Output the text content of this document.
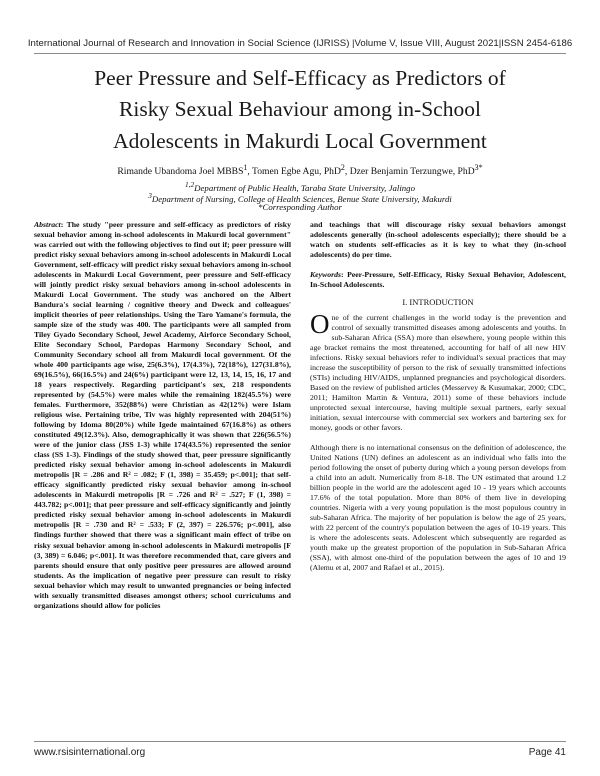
International Journal of Research and Innovation in Social Science (IJRISS) |Volume V, Issue VIII, August 2021|ISSN 2454-6186
Peer Pressure and Self-Efficacy as Predictors of
Risky Sexual Behaviour among in-School
Adolescents in Makurdi Local Government
Rimande Ubandoma Joel MBBS$^1$, Tomen Egbe Agu, PhD$^2$, Dzer Benjamin Terzungwe, PhD$^{3*}$
$^{1,2}$Department of Public Health, Taraba State University, Jalingo
$^3$Department of Nursing, College of Health Sciences, Benue State University, Makurdi
*Corresponding Author

Abstract: The study "peer pressure and self-efficacy as predictors of risky sexual behavior among in-school adolescents in Makurdi local government" was carried out with the following objectives to find out if; peer pressure will predict risky sexual behaviors among in-school adolescents in Makurdi Local Government, self-efficacy will predict risky sexual behaviors among in-school adolescents in Makurdi Local Government, peer pressure and Self-efficacy will jointly predict risky sexual behaviors among in-school adolescents in Makurdi Local Government. The study was anchored on the Albert Bandura's social learning / cognitive theory and Dweck and colleagues' implicit theories of peer relationships. Using the Taro Yamane's formula, the sample size of the study was 400. The participants were all sampled from Tiley Gyado Secondary School, Jewel Academy, Airforce Secondary School, Elite Secondary School, Pardopas Harmony Secondary School, and Community Secondary school all from Makurdi local government. Of the whole 400 participants age wise, 25(6.3%), 17(4.3%), 72(18%), 127(31.8%), 69(16.5%), 66(16.5%) and 24(6%) participant were 12, 13, 14, 15, 16, 17 and 18 years respectively. Regarding participant's sex, 218 respondents represented by (54.5%) were males while the remaining 182(45.5%) were females. Furthermore, 352(88%) were Christian as 42(12%) were Islam religious wise. Pertaining tribe, Tiv was highly represented with 204(51%) following by Idoma 80(20%) while Igede maintained 67(16.8%) as others constituted 49(12.3%). Also, demographically it was shown that 226(56.5%) were of the junior class (JSS 1-3) while 174(43.5%) represented the senior class (SS 1-3). Findings of the study showed that, peer pressure significantly predicted risky sexual behavior among in-school adolescents in Makurdi metropolis [R = .286 and R² = .082; F (1, 398) = 35.459; p<.001]; that self-efficacy significantly predicted risky sexual behavior among in-school adolescents in Makurdi metropolis [R = .726 and R² = .527; F (1, 398) = 443.782; p<.001]; that peer pressure and self-efficacy significantly and jointly predicted risky sexual behavior among in-school adolescents in Makurdi metropolis [R = .730 and R² = .533; F (2, 397) = 226.576; p<.001], also findings further showed that there was a significant main effect of tribe on risky sexual behavior among in-school adolescents in Makurdi metropolis [F (3, 389) = 6.046; p<.001]. It was therefore recommended that, care givers and parents should ensure that only positive peer pressures are allowed around students. As the implication of negative peer pressure can result to risky sexual behavior which may result to unwanted pregnancies or being infected with sexually transmitted diseases amongst others; school curriculums and organizations should allow for policies

and teachings that will discourage risky sexual behaviors amongst adolescents generally (in-school adolescents especially); there should be a watch on students self-efficacies as it is key to what they (in-school adolescents) do per time.

Keywords: Peer-Pressure, Self-Efficacy, Risky Sexual Behavior, Adolescent, In-School Adolescents.

I. INTRODUCTION

One of the current challenges in the world today is the prevention and control of sexually transmitted diseases among adolescents and youths. In sub-Saharan Africa (SSA) more than elsewhere, young people within this age bracket remains the most threatened, accounting for half of all new HIV infections. Risky sexual behaviors refer to individual's sexual practices that may increase the susceptibility of person to the risk of sexually transmitted infections (STIs) including HIV/AIDS, unplanned pregnancies and psychological disorders. Based on the review of published articles (Messervey & Kusumakar, 2000; CDC, 2011; Hamilton Martin & Ventura, 2011) some of these behaviors include unprotected sexual intercourse, having multiple sexual partners, early sexual initiation, sexual intercourse with commercial sex workers and bartering sex for money, goods or other favors.

Although there is no international consensus on the definition of adolescence, the United Nations (UN) defines an adolescent as an individual who falls into the period following the onset of puberty during which a young person develops from a child into an adult. Numerically from 8-18. The UN estimated that around 1.2 billion people in the world are the adolescent aged 10 - 19 years which accounts 17.6% of the total population. More than 80% of them live in developing countries. Nigeria with a very young population is the most populous country in sub-Saharan Africa. The majority of her population is below the age of 25 years, with 22 percent of the country's population between the ages of 10-19 years. This is where the adolescents seats. Adolescent which subsequently are regarded as youth make up the greatest proportion of the population in Sub-Saharan Africa (SSA), with almost one-third of the population between the ages of 10 and 19 (Alemu et al, 2007 and Rafael et al., 2015).

www.rsisinternational.org	Page 41
